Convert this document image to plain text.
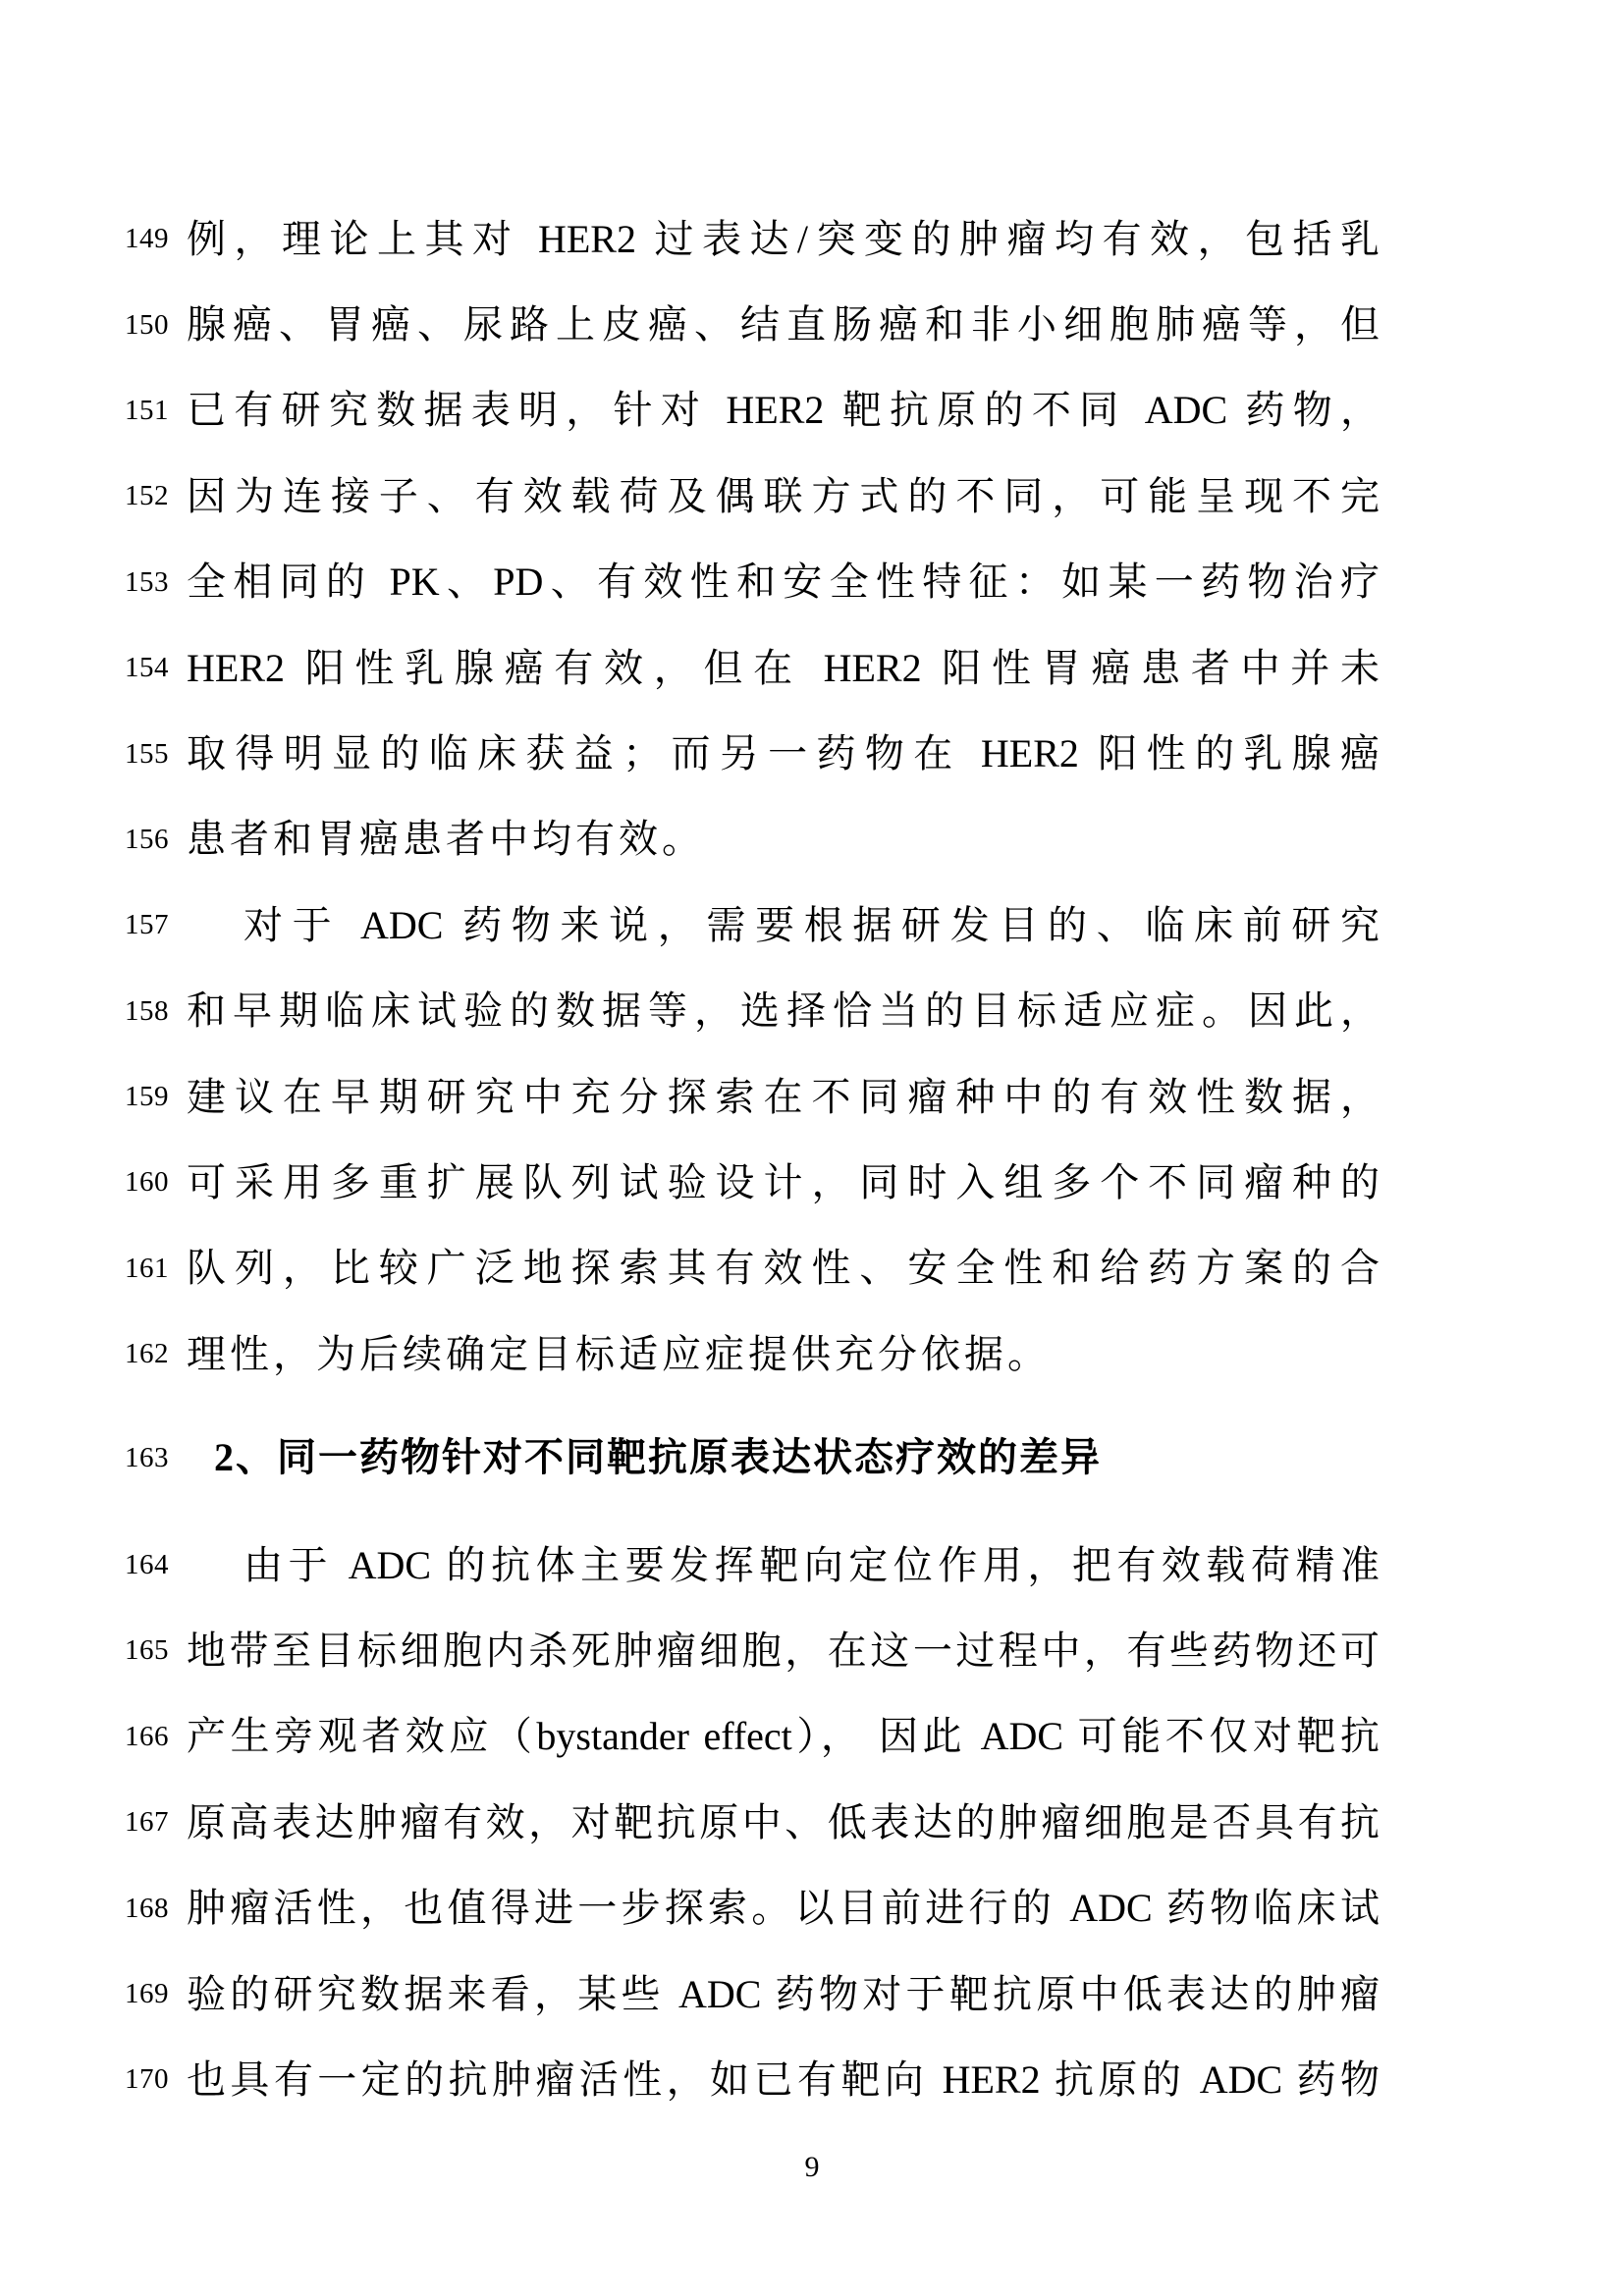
149 例，理论上其对 HER2 过表达/突变的肿瘤均有效，包括乳
150 腺癌、胃癌、尿路上皮癌、结直肠癌和非小细胞肺癌等，但
151 已有研究数据表明，针对 HER2 靶抗原的不同 ADC 药物，
152 因为连接子、有效载荷及偶联方式的不同，可能呈现不完
153 全相同的 PK、PD、有效性和安全性特征：如某一药物治疗
154 HER2 阳性乳腺癌有效，但在 HER2 阳性胃癌患者中并未
155 取得明显的临床获益；而另一药物在 HER2 阳性的乳腺癌
156 患者和胃癌患者中均有效。
157	对于 ADC 药物来说，需要根据研发目的、临床前研究
158 和早期临床试验的数据等，选择恰当的目标适应症。因此，
159 建议在早期研究中充分探索在不同瘤种中的有效性数据，
160 可采用多重扩展队列试验设计，同时入组多个不同瘤种的
161 队列，比较广泛地探索其有效性、安全性和给药方案的合
162 理性，为后续确定目标适应症提供充分依据。
163	2、同一药物针对不同靶抗原表达状态疗效的差异
164	由于 ADC 的抗体主要发挥靶向定位作用，把有效载荷精准
165 地带至目标细胞内杀死肿瘤细胞，在这一过程中，有些药物还可
166 产生旁观者效应（bystander effect）， 因此 ADC 可能不仅对靶抗
167 原高表达肿瘤有效，对靶抗原中、低表达的肿瘤细胞是否具有抗
168 肿瘤活性，也值得进一步探索。以目前进行的 ADC 药物临床试
169 验的研究数据来看，某些 ADC 药物对于靶抗原中低表达的肿瘤
170 也具有一定的抗肿瘤活性，如已有靶向 HER2 抗原的 ADC 药物
9
